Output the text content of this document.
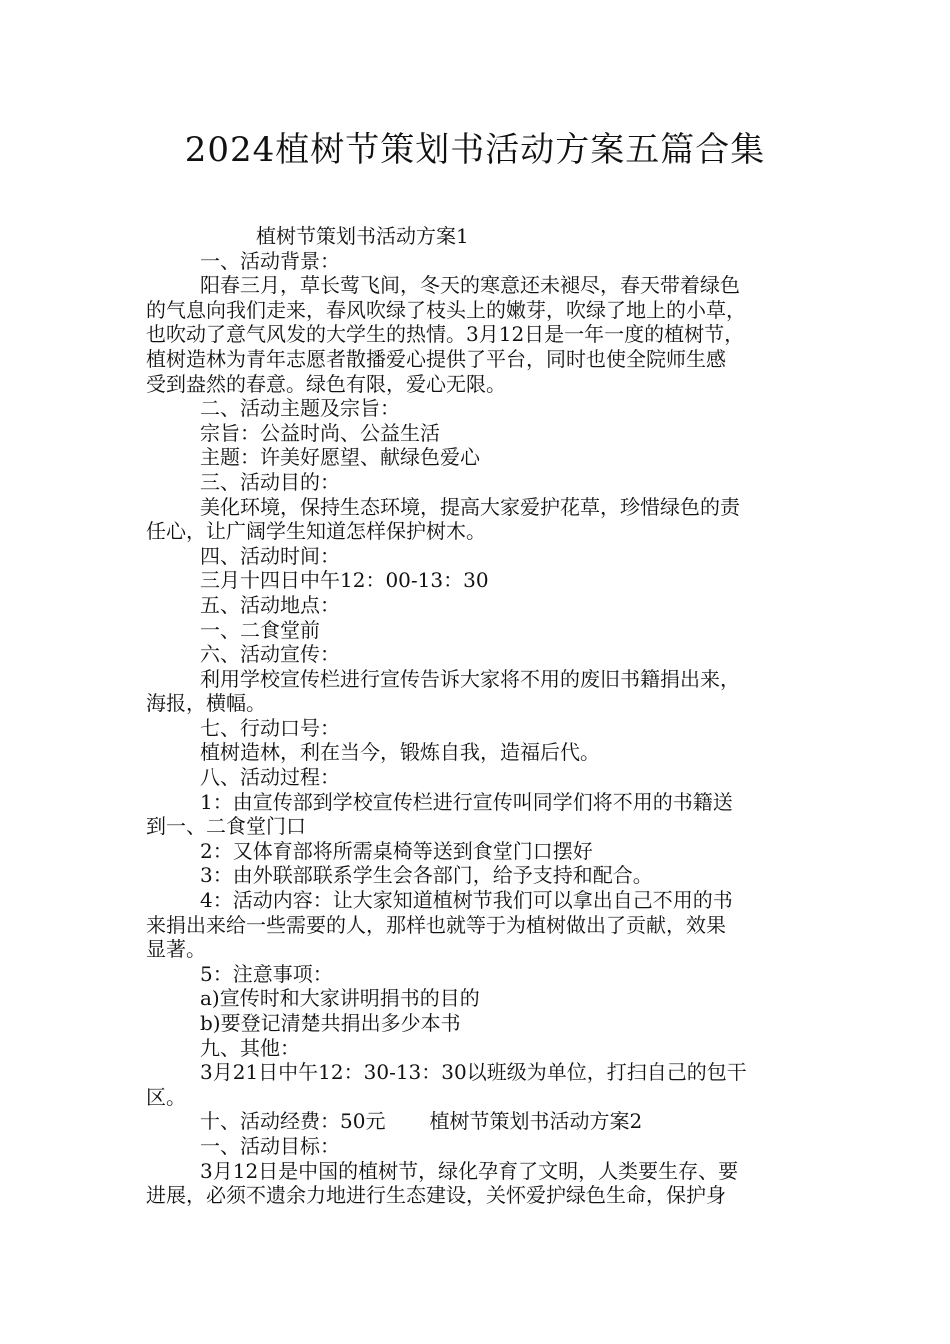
2024植树节策划书活动方案五篇合集
植树节策划书活动方案1
一、活动背景：
阳春三月，草长莺飞间，冬天的寒意还未褪尽，春天带着绿色
的气息向我们走来，春风吹绿了枝头上的嫩芽，吹绿了地上的小草，
也吹动了意气风发的大学生的热情。3月12日是一年一度的植树节，
植树造林为青年志愿者散播爱心提供了平台，同时也使全院师生感
受到盎然的春意。绿色有限，爱心无限。
二、活动主题及宗旨：
宗旨：公益时尚、公益生活
主题：许美好愿望、献绿色爱心
三、活动目的：
美化环境，保持生态环境，提高大家爱护花草，珍惜绿色的责
任心，让广阔学生知道怎样保护树木。
四、活动时间：
三月十四日中午12：00-13：30
五、活动地点：
一、二食堂前
六、活动宣传：
利用学校宣传栏进行宣传告诉大家将不用的废旧书籍捐出来，
海报，横幅。
七、行动口号：
植树造林，利在当今，锻炼自我，造福后代。
八、活动过程：
1：由宣传部到学校宣传栏进行宣传叫同学们将不用的书籍送
到一、二食堂门口
2：又体育部将所需桌椅等送到食堂门口摆好
3：由外联部联系学生会各部门，给予支持和配合。
4：活动内容：让大家知道植树节我们可以拿出自己不用的书
来捐出来给一些需要的人，那样也就等于为植树做出了贡献，效果
显著。
5：注意事项：
a)宣传时和大家讲明捐书的目的
b)要登记清楚共捐出多少本书
九、其他：
3月21日中午12：30-13：30以班级为单位，打扫自己的包干
区。
十、活动经费：50元 植树节策划书活动方案2
一、活动目标：
3月12日是中国的植树节，绿化孕育了文明，人类要生存、要
进展，必须不遗余力地进行生态建设，关怀爱护绿色生命，保护身
